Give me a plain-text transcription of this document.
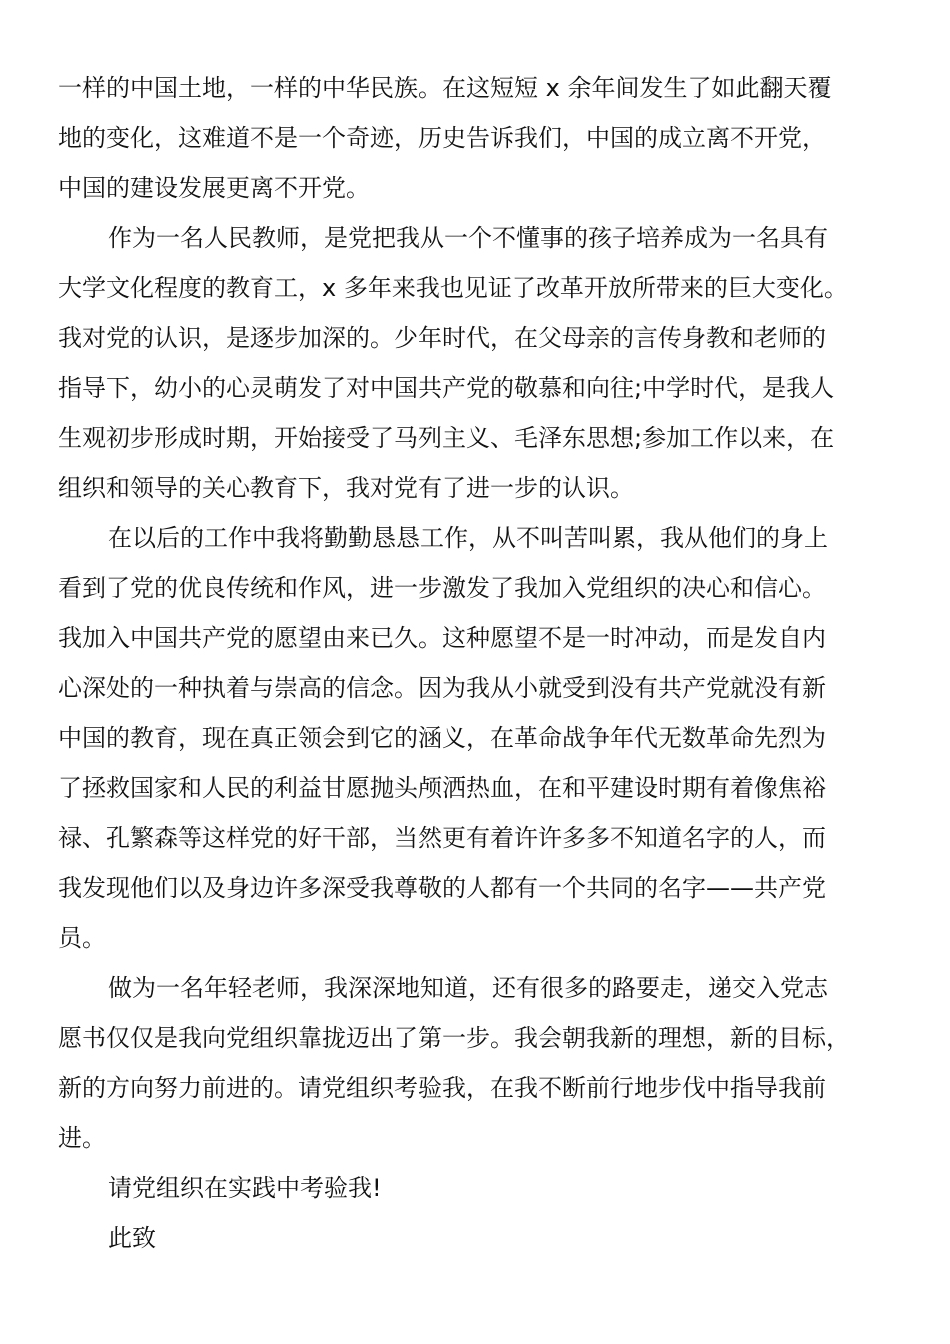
一样的中国土地，一样的中华民族。在这短短 x 余年间发生了如此翻天覆
地的变化，这难道不是一个奇迹，历史告诉我们，中国的成立离不开党，
中国的建设发展更离不开党。
作为一名人民教师，是党把我从一个不懂事的孩子培养成为一名具有
大学文化程度的教育工，x 多年来我也见证了改革开放所带来的巨大变化。
我对党的认识，是逐步加深的。少年时代，在父母亲的言传身教和老师的
指导下，幼小的心灵萌发了对中国共产党的敬慕和向往;中学时代，是我人
生观初步形成时期，开始接受了马列主义、毛泽东思想;参加工作以来，在
组织和领导的关心教育下，我对党有了进一步的认识。
在以后的工作中我将勤勤恳恳工作，从不叫苦叫累，我从他们的身上
看到了党的优良传统和作风，进一步激发了我加入党组织的决心和信心。
我加入中国共产党的愿望由来已久。这种愿望不是一时冲动，而是发自内
心深处的一种执着与崇高的信念。因为我从小就受到没有共产党就没有新
中国的教育，现在真正领会到它的涵义，在革命战争年代无数革命先烈为
了拯救国家和人民的利益甘愿抛头颅洒热血，在和平建设时期有着像焦裕
禄、孔繁森等这样党的好干部，当然更有着许许多多不知道名字的人，而
我发现他们以及身边许多深受我尊敬的人都有一个共同的名字——共产党
员。
做为一名年轻老师，我深深地知道，还有很多的路要走，递交入党志
愿书仅仅是我向党组织靠拢迈出了第一步。我会朝我新的理想，新的目标，
新的方向努力前进的。请党组织考验我，在我不断前行地步伐中指导我前
进。
请党组织在实践中考验我!
此致
